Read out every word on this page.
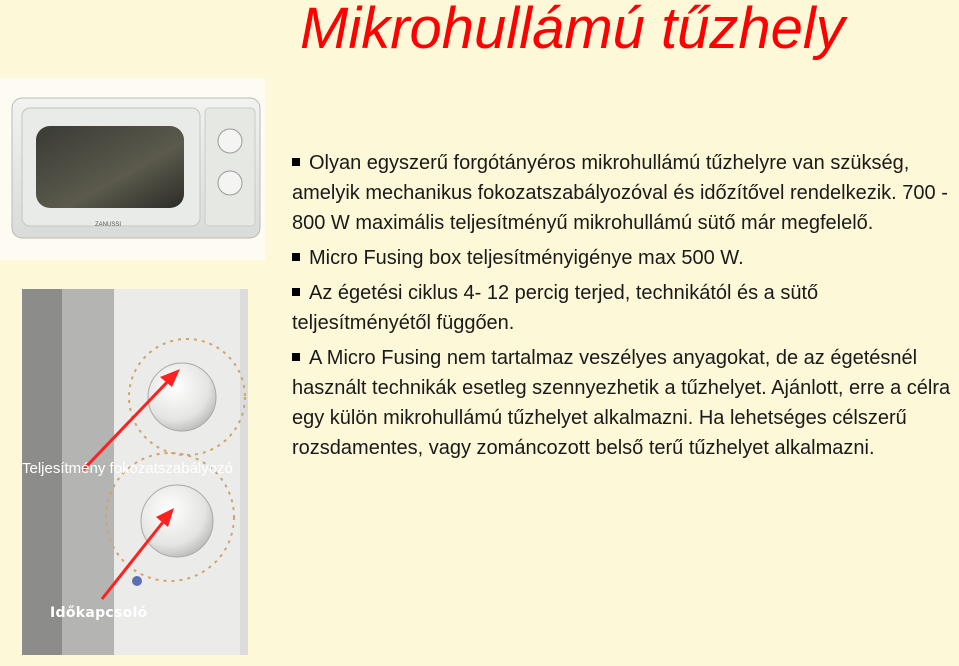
Mikrohullámú tűzhely
ZANUSSI
Teljesítmény fokozatszabályozó
Időkapcsoló
Olyan egyszerű forgótányéros mikrohullámú tűzhelyre van szükség, amelyik mechanikus fokozatszabályozóval és időzítővel rendelkezik. 700 - 800 W maximális teljesítményű mikrohullámú sütő már megfelelő.
Micro Fusing box teljesítményigénye max 500 W.
Az égetési ciklus 4- 12 percig terjed, technikától és a sütő teljesítményétől függően.
A Micro Fusing nem tartalmaz veszélyes anyagokat, de az égetésnél használt technikák esetleg szennyezhetik a tűzhelyet. Ajánlott, erre a célra egy külön mikrohullámú tűzhelyet alkalmazni. Ha lehetséges célszerű rozsdamentes, vagy zománcozott belső terű tűzhelyet alkalmazni.
